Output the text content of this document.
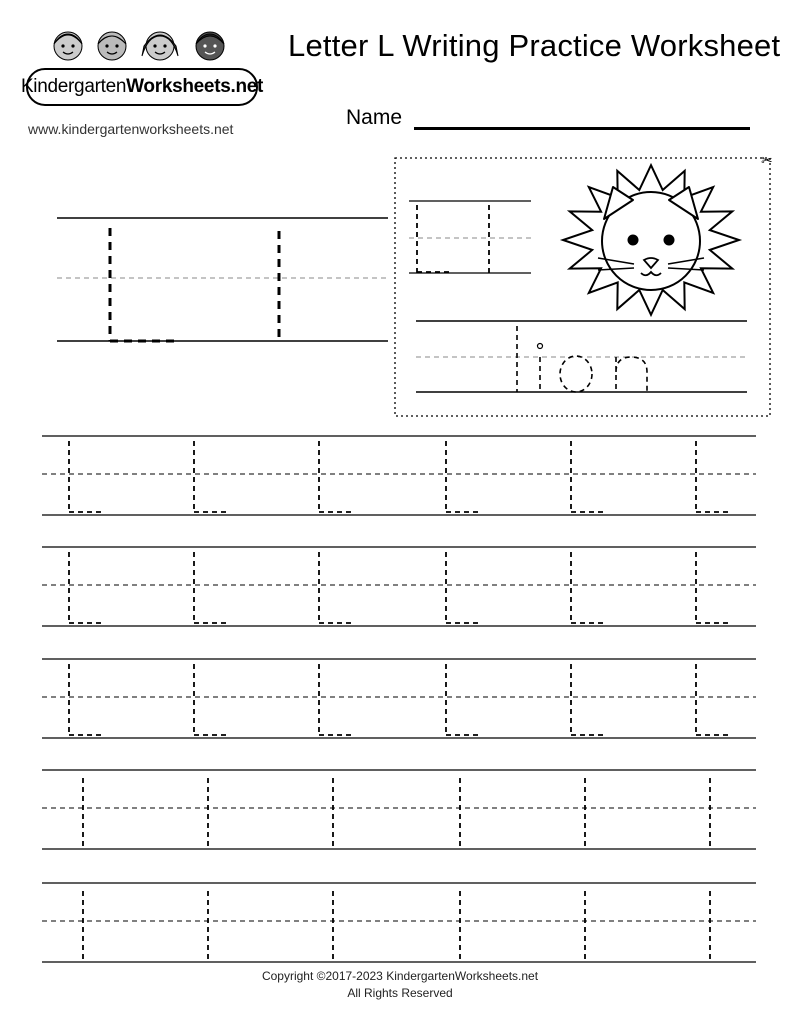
Kindergarten Worksheets.net
www.kindergartenworksheets.net
Letter L Writing Practice Worksheet
Name
✂
Copyright ©2017-2023 KindergartenWorksheets.net
All Rights Reserved
